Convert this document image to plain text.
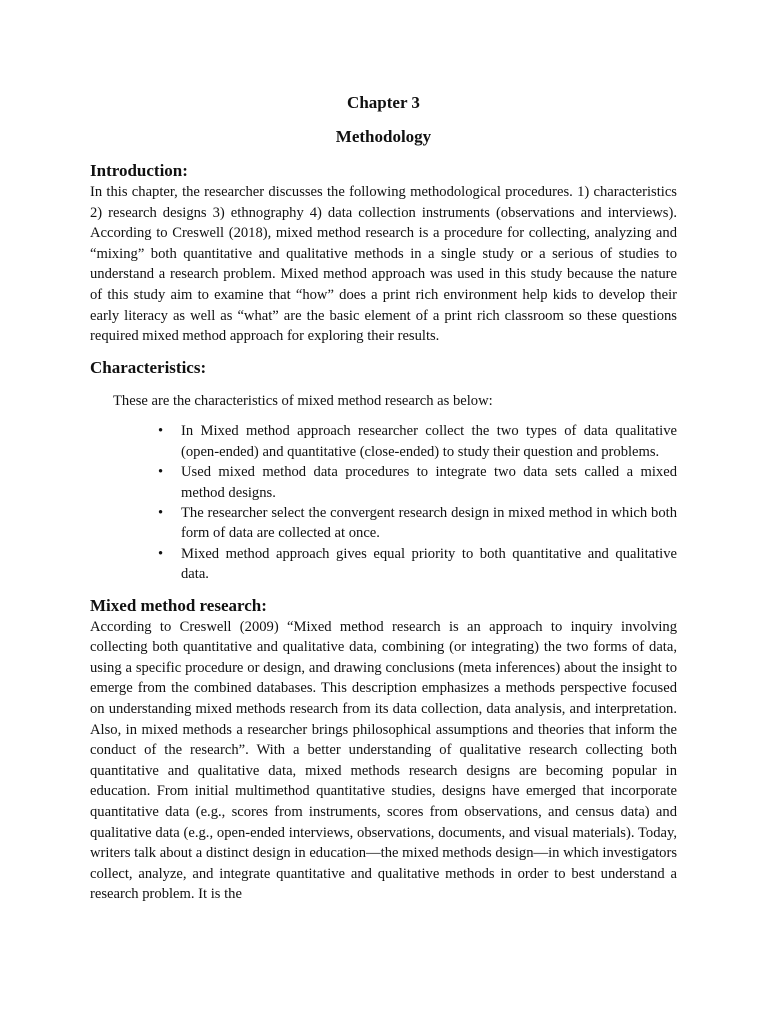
Chapter 3
Methodology
Introduction:

In this chapter, the researcher discusses the following methodological procedures. 1) characteristics 2) research designs 3) ethnography 4) data collection instruments (observations and interviews). According to Creswell (2018), mixed method research is a procedure for collecting, analyzing and “mixing” both quantitative and qualitative methods in a single study or a serious of studies to understand a research problem. Mixed method approach was used in this study because the nature of this study aim to examine that “how” does a print rich environment help kids to develop their early literacy as well as “what” are the basic element of a print rich classroom so these questions required mixed method approach for exploring their results.

Characteristics:
These are the characteristics of mixed method research as below:
• In Mixed method approach researcher collect the two types of data qualitative (open-ended) and quantitative (close-ended) to study their question and problems.
• Used mixed method data procedures to integrate two data sets called a mixed method designs.
• The researcher select the convergent research design in mixed method in which both form of data are collected at once.
• Mixed method approach gives equal priority to both quantitative and qualitative data.
Mixed method research:

According to Creswell (2009) “Mixed method research is an approach to inquiry involving collecting both quantitative and qualitative data, combining (or integrating) the two forms of data, using a specific procedure or design, and drawing conclusions (meta inferences) about the insight to emerge from the combined databases. This description emphasizes a methods perspective focused on understanding mixed methods research from its data collection, data analysis, and interpretation. Also, in mixed methods a researcher brings philosophical assumptions and theories that inform the conduct of the research”. With a better understanding of qualitative research collecting both quantitative and qualitative data, mixed methods research designs are becoming popular in education. From initial multimethod quantitative studies, designs have emerged that incorporate quantitative data (e.g., scores from instruments, scores from observations, and census data) and qualitative data (e.g., open-ended interviews, observations, documents, and visual materials). Today, writers talk about a distinct design in education—the mixed methods design—in which investigators collect, analyze, and integrate quantitative and qualitative methods in order to best understand a research problem. It is the
